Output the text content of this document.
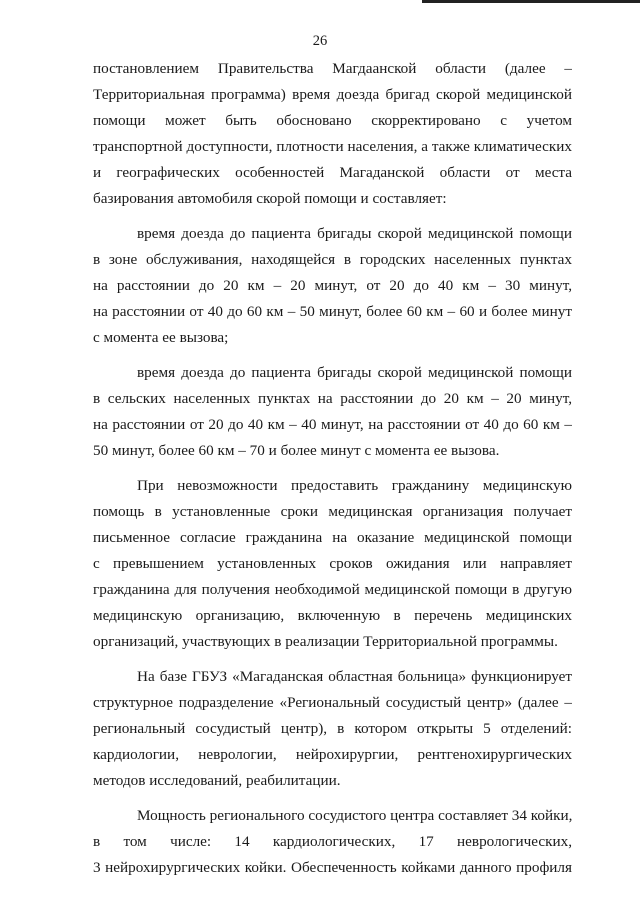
26
постановлением Правительства Магдаанской области (далее –
Территориальная программа) время доезда бригад скорой медицинской
помощи может быть обосновано скорректировано с учетом
транспортной доступности, плотности населения, а также климатических
и географических особенностей Магаданской области от места
базирования автомобиля скорой помощи и составляет:
время доезда до пациента бригады скорой медицинской помощи
в зоне обслуживания, находящейся в городских населенных пунктах
на расстоянии до 20 км – 20 минут, от 20 до 40 км – 30 минут,
на расстоянии от 40 до 60 км – 50 минут, более 60 км – 60 и более минут
с момента ее вызова;
время доезда до пациента бригады скорой медицинской помощи
в сельских населенных пунктах на расстоянии до 20 км – 20 минут,
на расстоянии от 20 до 40 км – 40 минут, на расстоянии от 40 до 60 км –
50 минут, более 60 км – 70 и более минут с момента ее вызова.
При невозможности предоставить гражданину медицинскую
помощь в установленные сроки медицинская организация получает
письменное согласие гражданина на оказание медицинской помощи
с превышением установленных сроков ожидания или направляет
гражданина для получения необходимой медицинской помощи в другую
медицинскую организацию, включенную в перечень медицинских
организаций, участвующих в реализации Территориальной программы.
На базе ГБУЗ «Магаданская областная больница» функционирует
структурное подразделение «Региональный сосудистый центр» (далее –
региональный сосудистый центр), в котором открыты 5 отделений:
кардиологии, неврологии, нейрохирургии, рентгенохирургических
методов исследований, реабилитации.
Мощность регионального сосудистого центра составляет 34 койки,
в том числе: 14 кардиологических, 17 неврологических,
3 нейрохирургических койки. Обеспеченность койками данного профиля
